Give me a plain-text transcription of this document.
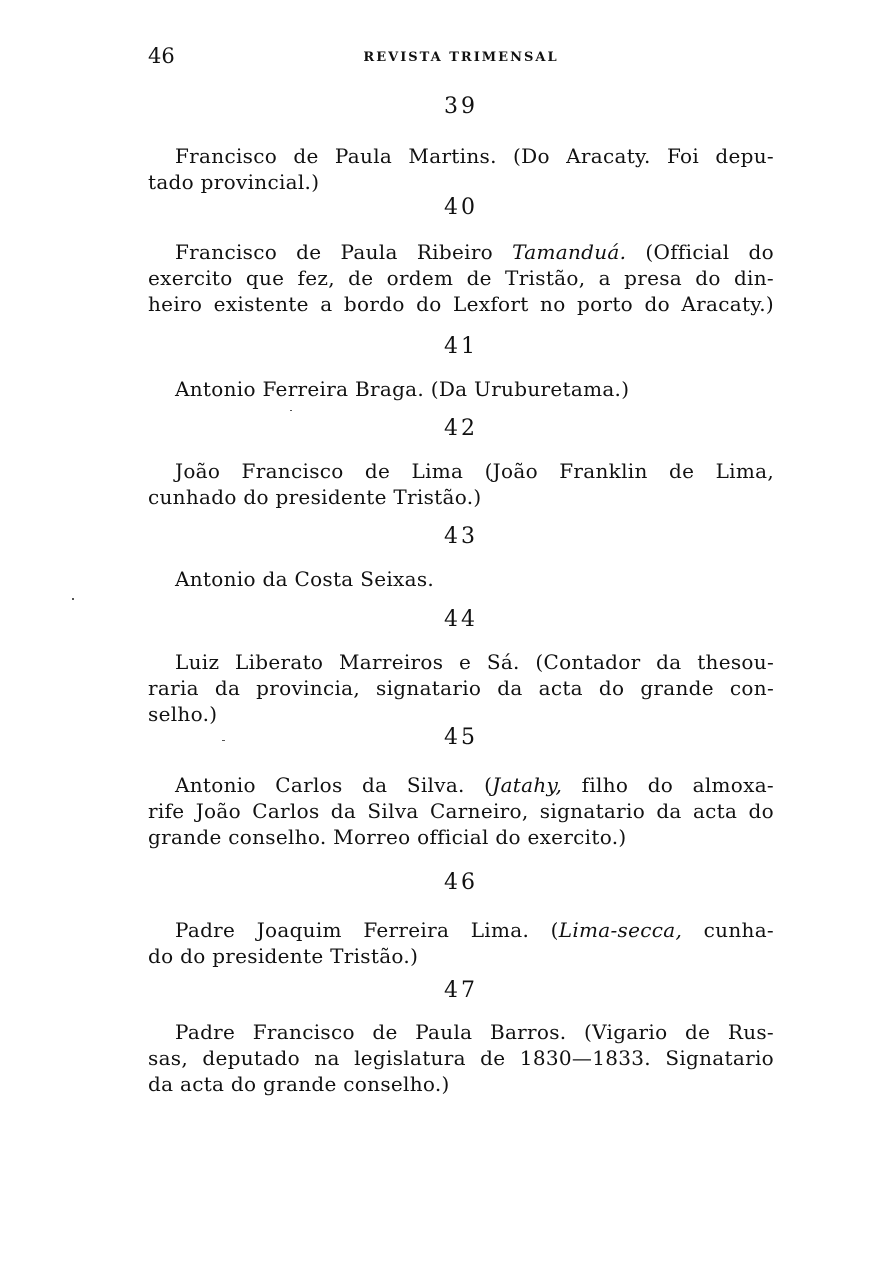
46	REVISTA TRIMENSAL
39
Francisco de Paula Martins. (Do Aracaty. Foi depu-
tado provincial.)
40
Francisco de Paula Ribeiro Tamanduá. (Official do
exercito que fez, de ordem de Tristão, a presa do din-
heiro existente a bordo do Lexfort no porto do Aracaty.)
41
Antonio Ferreira Braga. (Da Uruburetama.)
42
João Francisco de Lima (João Franklin de Lima,
cunhado do presidente Tristão.)
43
Antonio da Costa Seixas.
44
Luiz Liberato Marreiros e Sá. (Contador da thesou-
raria da provincia, signatario da acta do grande con-
selho.)
45
Antonio Carlos da Silva. (Jatahy, filho do almoxa-
rife João Carlos da Silva Carneiro, signatario da acta do
grande conselho. Morreo official do exercito.)
46
Padre Joaquim Ferreira Lima. (Lima-secca, cunha-
do do presidente Tristão.)
47
Padre Francisco de Paula Barros. (Vigario de Rus-
sas, deputado na legislatura de 1830—1833. Signatario
da acta do grande conselho.)
